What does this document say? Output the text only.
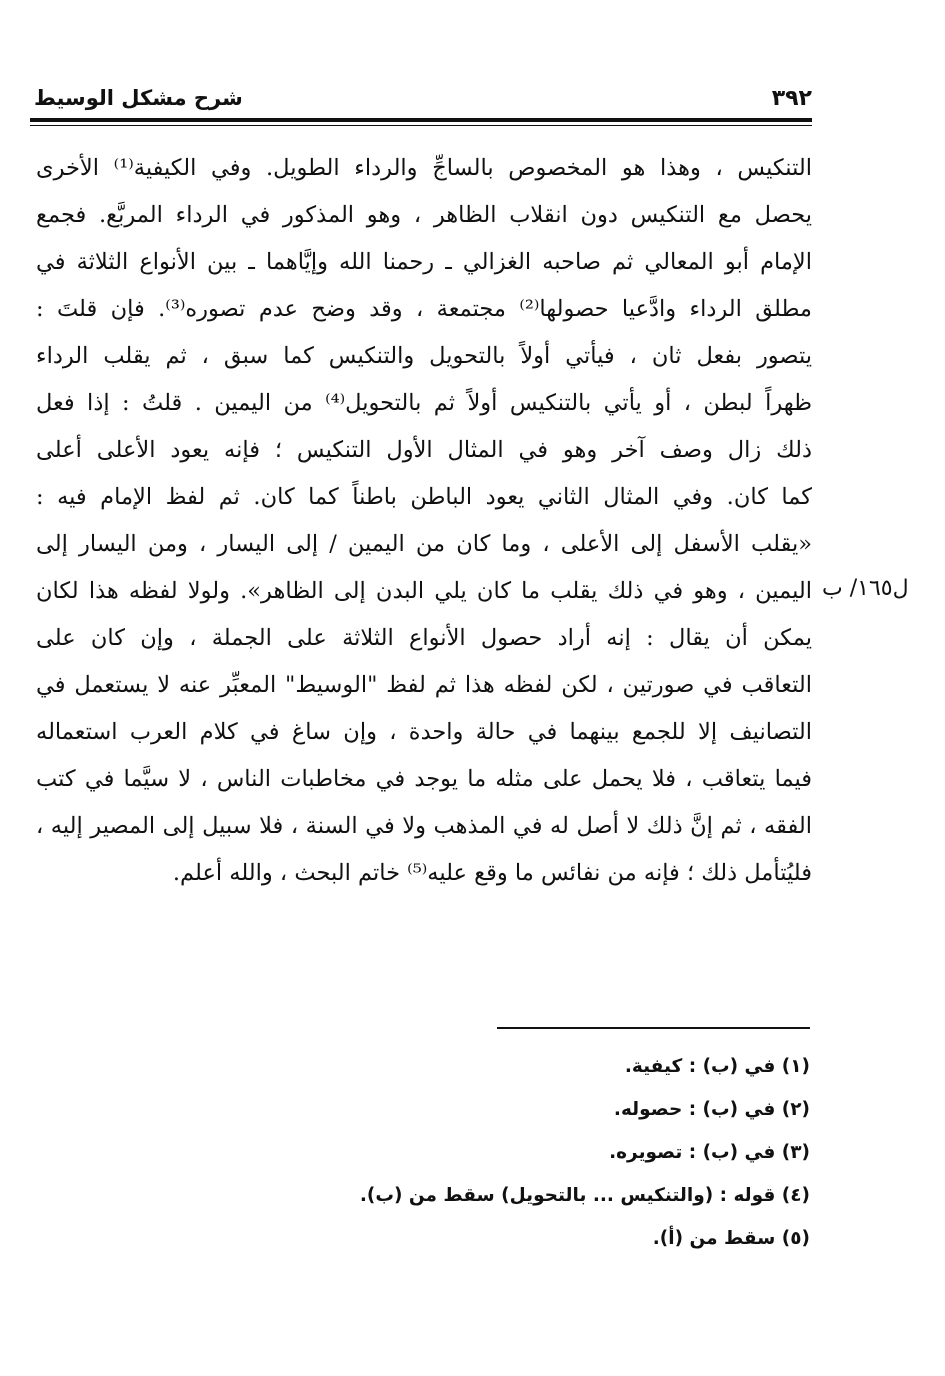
٣٩٢
شرح مشكل الوسيط
ل١٦٥/ ب
التنكيس ، وهذا هو المخصوص بالساجِّ والرداء الطويل. وفي الكيفية⁽¹⁾ الأخرى
يحصل مع التنكيس دون انقلاب الظاهر ، وهو المذكور في الرداء المربَّع. فجمع
الإمام أبو المعالي ثم صاحبه الغزالي ـ رحمنا الله وإيَّاهما ـ بين الأنواع الثلاثة في
مطلق الرداء وادَّعيا حصولها⁽²⁾ مجتمعة ، وقد وضح عدم تصوره⁽³⁾. فإن قلتَ :
يتصور بفعل ثان ، فيأتي أولاً بالتحويل والتنكيس كما سبق ، ثم يقلب الرداء
ظهراً لبطن ، أو يأتي بالتنكيس أولاً ثم بالتحويل⁽⁴⁾ من اليمين . قلتُ : إذا فعل
ذلك زال وصف آخر وهو في المثال الأول التنكيس ؛ فإنه يعود الأعلى أعلى
كما كان. وفي المثال الثاني يعود الباطن باطناً كما كان. ثم لفظ الإمام فيه :
«يقلب الأسفل إلى الأعلى ، وما كان من اليمين / إلى اليسار ، ومن اليسار إلى
اليمين ، وهو في ذلك يقلب ما كان يلي البدن إلى الظاهر». ولولا لفظه هذا لكان
يمكن أن يقال : إنه أراد حصول الأنواع الثلاثة على الجملة ، وإن كان على
التعاقب في صورتين ، لكن لفظه هذا ثم لفظ "الوسيط" المعبِّر عنه لا يستعمل في
التصانيف إلا للجمع بينهما في حالة واحدة ، وإن ساغ في كلام العرب استعماله
فيما يتعاقب ، فلا يحمل على مثله ما يوجد في مخاطبات الناس ، لا سيَّما في كتب
الفقه ، ثم إنَّ ذلك لا أصل له في المذهب ولا في السنة ، فلا سبيل إلى المصير إليه ،
فليُتأمل ذلك ؛ فإنه من نفائس ما وقع عليه⁽⁵⁾ خاتم البحث ، والله أعلم.
(١) في (ب) : كيفية.
(٢) في (ب) : حصوله.
(٣) في (ب) : تصويره.
(٤) قوله : (والتنكيس ... بالتحويل) سقط من (ب).
(٥) سقط من (أ).
